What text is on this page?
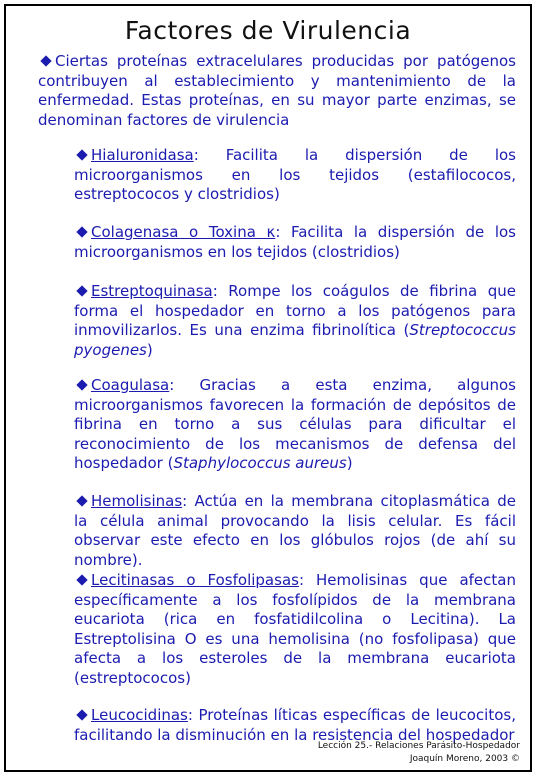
Factores de Virulencia
Ciertas proteínas extracelulares producidas por patógenos contribuyen al establecimiento y mantenimiento de la enfermedad. Estas proteínas, en su mayor parte enzimas, se denominan factores de virulencia
Hialuronidasa: Facilita la dispersión de los microorganismos en los tejidos (estafilococos, estreptococos y clostridios)
Colagenasa o Toxina κ: Facilita la dispersión de los microorganismos en los tejidos (clostridios)
Estreptoquinasa: Rompe los coágulos de fibrina que forma el hospedador en torno a los patógenos para inmovilizarlos. Es una enzima fibrinolítica (Streptococcus pyogenes)
Coagulasa: Gracias a esta enzima, algunos microorganismos favorecen la formación de depósitos de fibrina en torno a sus células para dificultar el reconocimiento de los mecanismos de defensa del hospedador (Staphylococcus aureus)
Hemolisinas: Actúa en la membrana citoplasmática de la célula animal provocando la lisis celular. Es fácil observar este efecto en los glóbulos rojos (de ahí su nombre).
Lecitinasas o Fosfolipasas: Hemolisinas que afectan específicamente a los fosfolípidos de la membrana eucariota (rica en fosfatidilcolina o Lecitina). La Estreptolisina O es una hemolisina (no fosfolipasa) que afecta a los esteroles de la membrana eucariota (estreptococos)
Leucocidinas: Proteínas líticas específicas de leucocitos, facilitando la disminución en la resistencia del hospedador
Lección 25.- Relaciones Parásito-Hospedador
Joaquín Moreno, 2003 ©
